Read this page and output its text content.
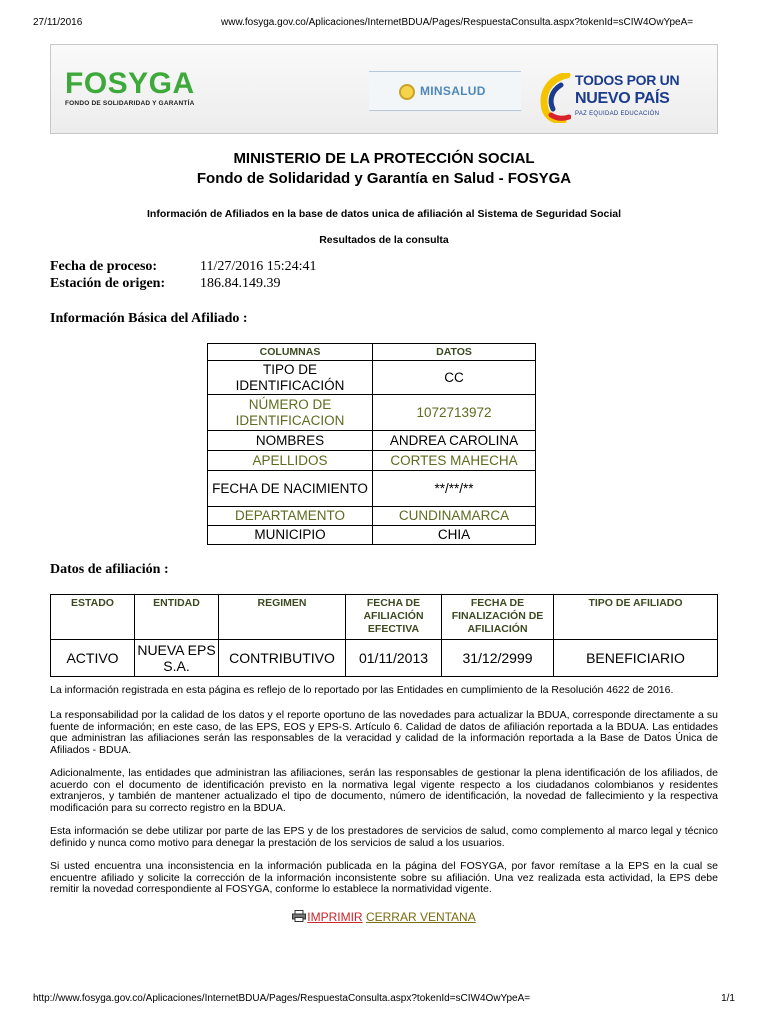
27/11/2016	www.fosyga.gov.co/Aplicaciones/InternetBDUA/Pages/RespuestaConsulta.aspx?tokenId=sCIW4OwYpeA=
FOSYGA
FONDO DE SOLIDARIDAD Y GARANTÍA
MINSALUD
TODOS POR UN
NUEVO PAÍS
PAZ EQUIDAD EDUCACIÓN
MINISTERIO DE LA PROTECCIÓN SOCIAL
Fondo de Solidaridad y Garantía en Salud - FOSYGA
Información de Afiliados en la base de datos unica de afiliación al Sistema de Seguridad Social
Resultados de la consulta
Fecha de proceso:	11/27/2016 15:24:41
Estación de origen: 186.84.149.39
Información Básica del Afiliado :
COLUMNAS	DATOS
TIPO DE IDENTIFICACIÓN	CC
NÚMERO DE IDENTIFICACION	1072713972
NOMBRES	ANDREA CAROLINA
APELLIDOS	CORTES MAHECHA
FECHA DE NACIMIENTO	**/**/**
DEPARTAMENTO	CUNDINAMARCA
MUNICIPIO	CHIA
Datos de afiliación :
ESTADO	ENTIDAD	REGIMEN	FECHA DE AFILIACIÓN EFECTIVA	FECHA DE FINALIZACIÓN DE AFILIACIÓN	TIPO DE AFILIADO
ACTIVO	NUEVA EPS S.A.	CONTRIBUTIVO	01/11/2013	31/12/2999	BENEFICIARIO

La información registrada en esta página es reflejo de lo reportado por las Entidades en cumplimiento de la Resolución 4622 de 2016.

La responsabilidad por la calidad de los datos y el reporte oportuno de las novedades para actualizar la BDUA, corresponde directamente a su fuente de información; en este caso, de las EPS, EOS y EPS-S. Artículo 6. Calidad de datos de afiliación reportada a la BDUA. Las entidades que administran las afiliaciones serán las responsables de la veracidad y calidad de la información reportada a la Base de Datos Única de Afiliados - BDUA.

Adicionalmente, las entidades que administran las afiliaciones, serán las responsables de gestionar la plena identificación de los afiliados, de acuerdo con el documento de identificación previsto en la normativa legal vigente respecto a los ciudadanos colombianos y residentes extranjeros, y también de mantener actualizado el tipo de documento, número de identificación, la novedad de fallecimiento y la respectiva modificación para su correcto registro en la BDUA.

Esta información se debe utilizar por parte de las EPS y de los prestadores de servicios de salud, como complemento al marco legal y técnico definido y nunca como motivo para denegar la prestación de los servicios de salud a los usuarios.

Si usted encuentra una inconsistencia en la información publicada en la página del FOSYGA, por favor remítase a la EPS en la cual se encuentre afiliado y solicite la corrección de la información inconsistente sobre su afiliación. Una vez realizada esta actividad, la EPS debe remitir la novedad correspondiente al FOSYGA, conforme lo establece la normatividad vigente.

IMPRIMIR CERRAR VENTANA
http://www.fosyga.gov.co/Aplicaciones/InternetBDUA/Pages/RespuestaConsulta.aspx?tokenId=sCIW4OwYpeA=	1/1
